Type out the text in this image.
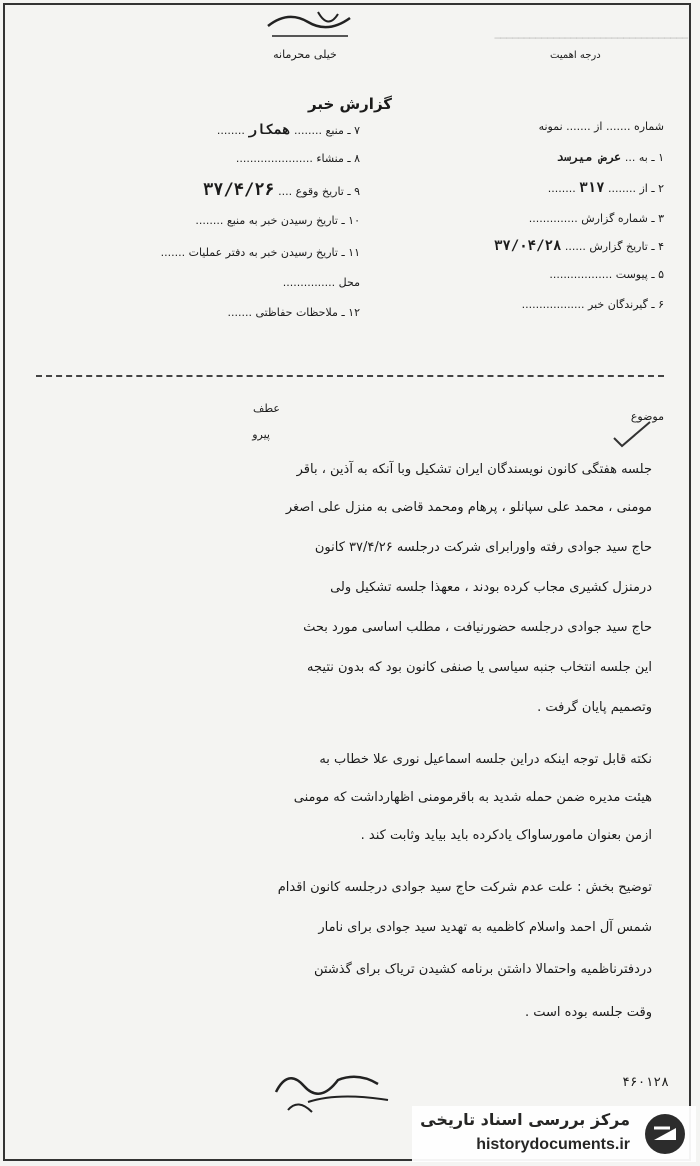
ـــــــــــــــــــــــــــــــــ
خیلی محرمانه	درجه اهمیت
گزارش خبر
شماره ....... از ....... نمونه
۱ ـ به ... عرض میرسد
۲ ـ از ........ ۳۱۷ ........
۳ ـ شماره گزارش ..............
۴ ـ تاریخ گزارش ...... ۳۷/۰۴/۲۸
۵ ـ پیوست ..................
۶ ـ گیرندگان خبر ..................
۷ ـ منبع ........ همکار ........
۸ ـ منشاء ......................
۹ ـ تاریخ وقوع .... ۳۷/۴/۲۶
۱۰ ـ تاریخ رسیدن خبر به منبع ........
۱۱ ـ تاریخ رسیدن خبر به دفتر عملیات .......
محل ...............
۱۲ ـ ملاحظات حفاظتی .......
موضوع
عطف
پیرو
جلسه هفتگی کانون نویسندگان ایران تشکیل وبا آنکه به آذین ، باقر
مومنی ، محمد علی سپانلو ، پرهام ومحمد قاضی به منزل علی اصغر
حاج سید جوادی رفته واورابرای شرکت درجلسه ۳۷/۴/۲۶ کانون
درمنزل کشیری مجاب کرده بودند ، معهذا جلسه تشکیل ولی
حاج سید جوادی درجلسه حضورنیافت ، مطلب اساسی مورد بحث
این جلسه انتخاب جنبه سیاسی یا صنفی کانون بود که بدون نتیجه
وتصمیم پایان گرفت .
نکته قابل توجه اینکه دراین جلسه اسماعیل نوری علا خطاب به
هیئت مدیره ضمن حمله شدید به باقرمومنی اظهارداشت که مومنی
ازمن بعنوان مامورساواک یادکرده باید بیاید وثابت کند .
توضیح بخش : علت عدم شرکت حاج سید جوادی درجلسه کانون اقدام
شمس آل احمد واسلام کاظمیه به تهدید سید جوادی برای نامار
دردفترناظمیه واحتمالا داشتن برنامه کشیدن تریاک برای گذشتن
وقت جلسه بوده است .
۴۶۰۱۲۸
مرکز بررسی اسناد تاریخی
historydocuments.ir
